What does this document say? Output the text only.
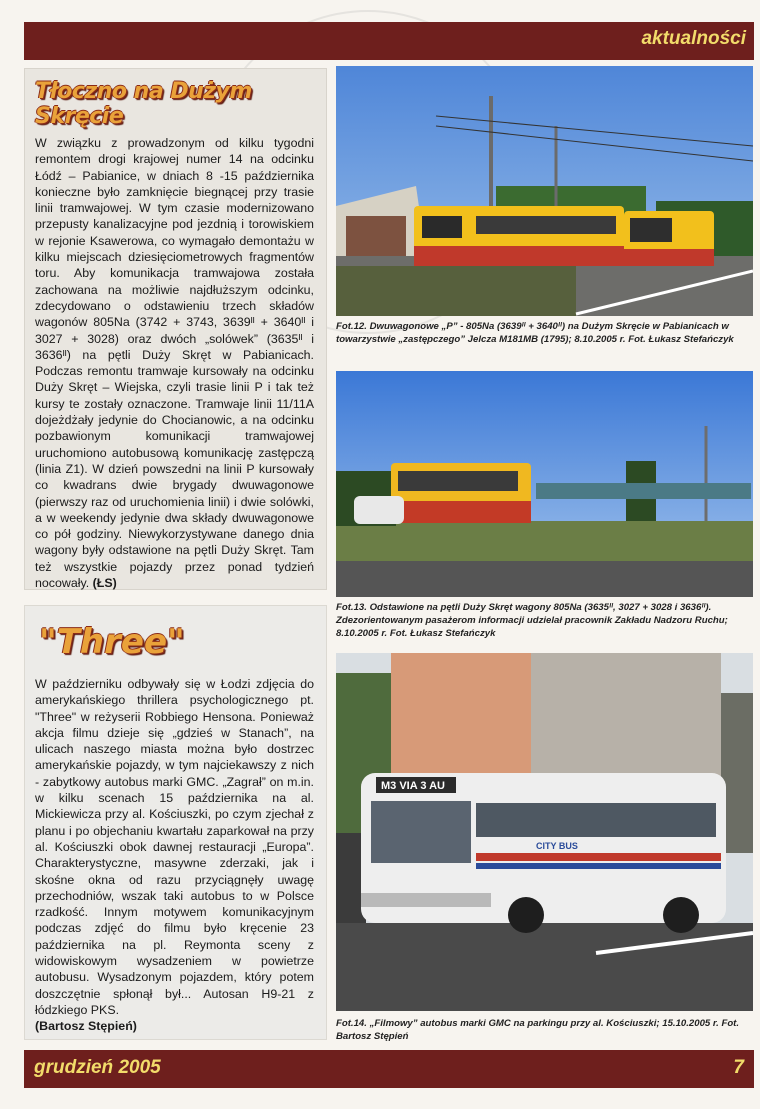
aktualności
Tłoczno na Dużym Skręcie

W związku z prowadzonym od kilku tygodni remontem drogi krajowej numer 14 na odcinku Łódź – Pabianice, w dniach 8 -15 października konieczne było zamknięcie biegnącej przy trasie linii tramwajowej. W tym czasie modernizowano przepusty kanalizacyjne pod jezdnią i torowiskiem w rejonie Ksawerowa, co wymagało demontażu w kilku miejscach dziesięciometrowych fragmentów toru. Aby komunikacja tramwajowa została zachowana na możliwie najdłuższym odcinku, zdecydowano o odstawieniu trzech składów wagonów 805Na (3742 + 3743, 3639ᴵᴵ + 3640ᴵᴵ i 3027 + 3028) oraz dwóch „solówek” (3635ᴵᴵ i 3636ᴵᴵ) na pętli Duży Skręt w Pabianicach. Podczas remontu tramwaje kursowały na odcinku Duży Skręt – Wiejska, czyli trasie linii P i tak też kursy te zostały oznaczone. Tramwaje linii 11/11A dojeżdżały jedynie do Chocianowic, a na odcinku pozbawionym komunikacji tramwajowej uruchomiono autobusową komunikację zastępczą (linia Z1). W dzień powszedni na linii P kursowały co kwadrans dwie brygady dwuwagonowe (pierwszy raz od uruchomienia linii) i dwie solówki, a w weekendy jedynie dwa składy dwuwagonowe co pół godziny. Niewykorzystywane danego dnia wagony były odstawione na pętli Duży Skręt. Tam też wszystkie pojazdy przez ponad tydzień nocowały. (ŁS)

"Three"

W październiku odbywały się w Łodzi zdjęcia do amerykańskiego thrillera psychologicznego pt. "Three" w reżyserii Robbiego Hensona. Ponieważ akcja filmu dzieje się „gdzieś w Stanach”, na ulicach naszego miasta można było dostrzec amerykańskie pojazdy, w tym najciekawszy z nich - zabytkowy autobus marki GMC. „Zagrał” on m.in. w kilku scenach 15 października na al. Mickiewicza przy al. Kościuszki, po czym zjechał z planu i po objechaniu kwartału zaparkował na przy al. Kościuszki obok dawnej restauracji „Europa”. Charakterystyczne, masywne zderzaki, jak i skośne okna od razu przyciągnęły uwagę przechodniów, wszak taki autobus to w Polsce rzadkość. Innym motywem komunikacyjnym podczas zdjęć do filmu było kręcenie 23 października na pl. Reymonta sceny z widowiskowym wysadzeniem w powietrze autobusu. Wysadzonym pojazdem, który potem doszczętnie spłonął był... Autosan H9-21 z łódzkiego PKS.
(Bartosz Stępień)

Fot.12. Dwuwagonowe „P” - 805Na (3639ᴵᴵ + 3640ᴵᴵ) na Dużym Skręcie w Pabianicach w towarzystwie „zastępczego” Jelcza M181MB (1795); 8.10.2005 r. Fot. Łukasz Stefańczyk
Fot.13. Odstawione na pętli Duży Skręt wagony 805Na (3635ᴵᴵ, 3027 + 3028 i 3636ᴵᴵ). Zdezorientowanym pasażerom informacji udzielał pracownik Zakładu Nadzoru Ruchu; 8.10.2005 r. Fot. Łukasz Stefańczyk
M3 VIA 3 AU
CITY BUS
Fot.14. „Filmowy” autobus marki GMC na parkingu przy al. Kościuszki; 15.10.2005 r. Fot. Bartosz Stępień
grudzień 2005	7
